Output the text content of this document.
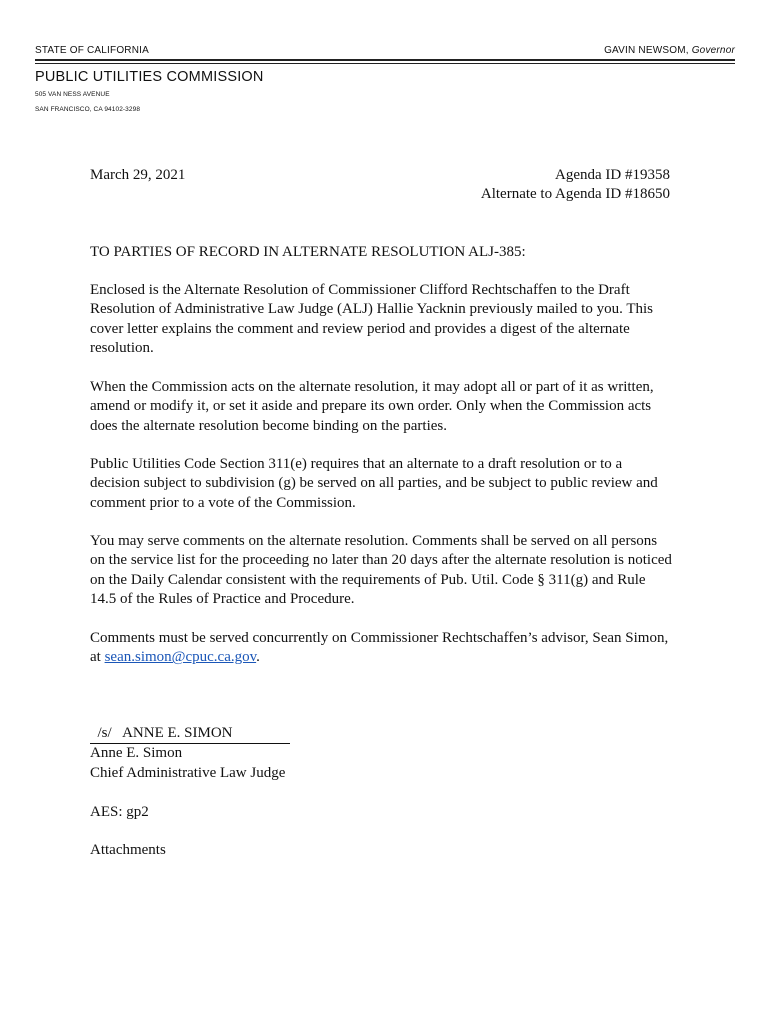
STATE OF CALIFORNIA	GAVIN NEWSOM, Governor
PUBLIC UTILITIES COMMISSION
505 VAN NESS AVENUE
SAN FRANCISCO, CA 94102-3298
March 29, 2021	Agenda ID #19358
Alternate to Agenda ID #18650
TO PARTIES OF RECORD IN ALTERNATE RESOLUTION ALJ-385:

Enclosed is the Alternate Resolution of Commissioner Clifford Rechtschaffen to the Draft Resolution of Administrative Law Judge (ALJ) Hallie Yacknin previously mailed to you. This cover letter explains the comment and review period and provides a digest of the alternate resolution.

When the Commission acts on the alternate resolution, it may adopt all or part of it as written, amend or modify it, or set it aside and prepare its own order. Only when the Commission acts does the alternate resolution become binding on the parties.

Public Utilities Code Section 311(e) requires that an alternate to a draft resolution or to a decision subject to subdivision (g) be served on all parties, and be subject to public review and comment prior to a vote of the Commission.

You may serve comments on the alternate resolution. Comments shall be served on all persons on the service list for the proceeding no later than 20 days after the alternate resolution is noticed on the Daily Calendar consistent with the requirements of Pub. Util. Code § 311(g) and Rule 14.5 of the Rules of Practice and Procedure.

Comments must be served concurrently on Commissioner Rechtschaffen’s advisor, Sean Simon, at sean.simon@cpuc.ca.gov.

/s/   ANNE E. SIMON
Anne E. Simon
Chief Administrative Law Judge
AES: gp2
Attachments
